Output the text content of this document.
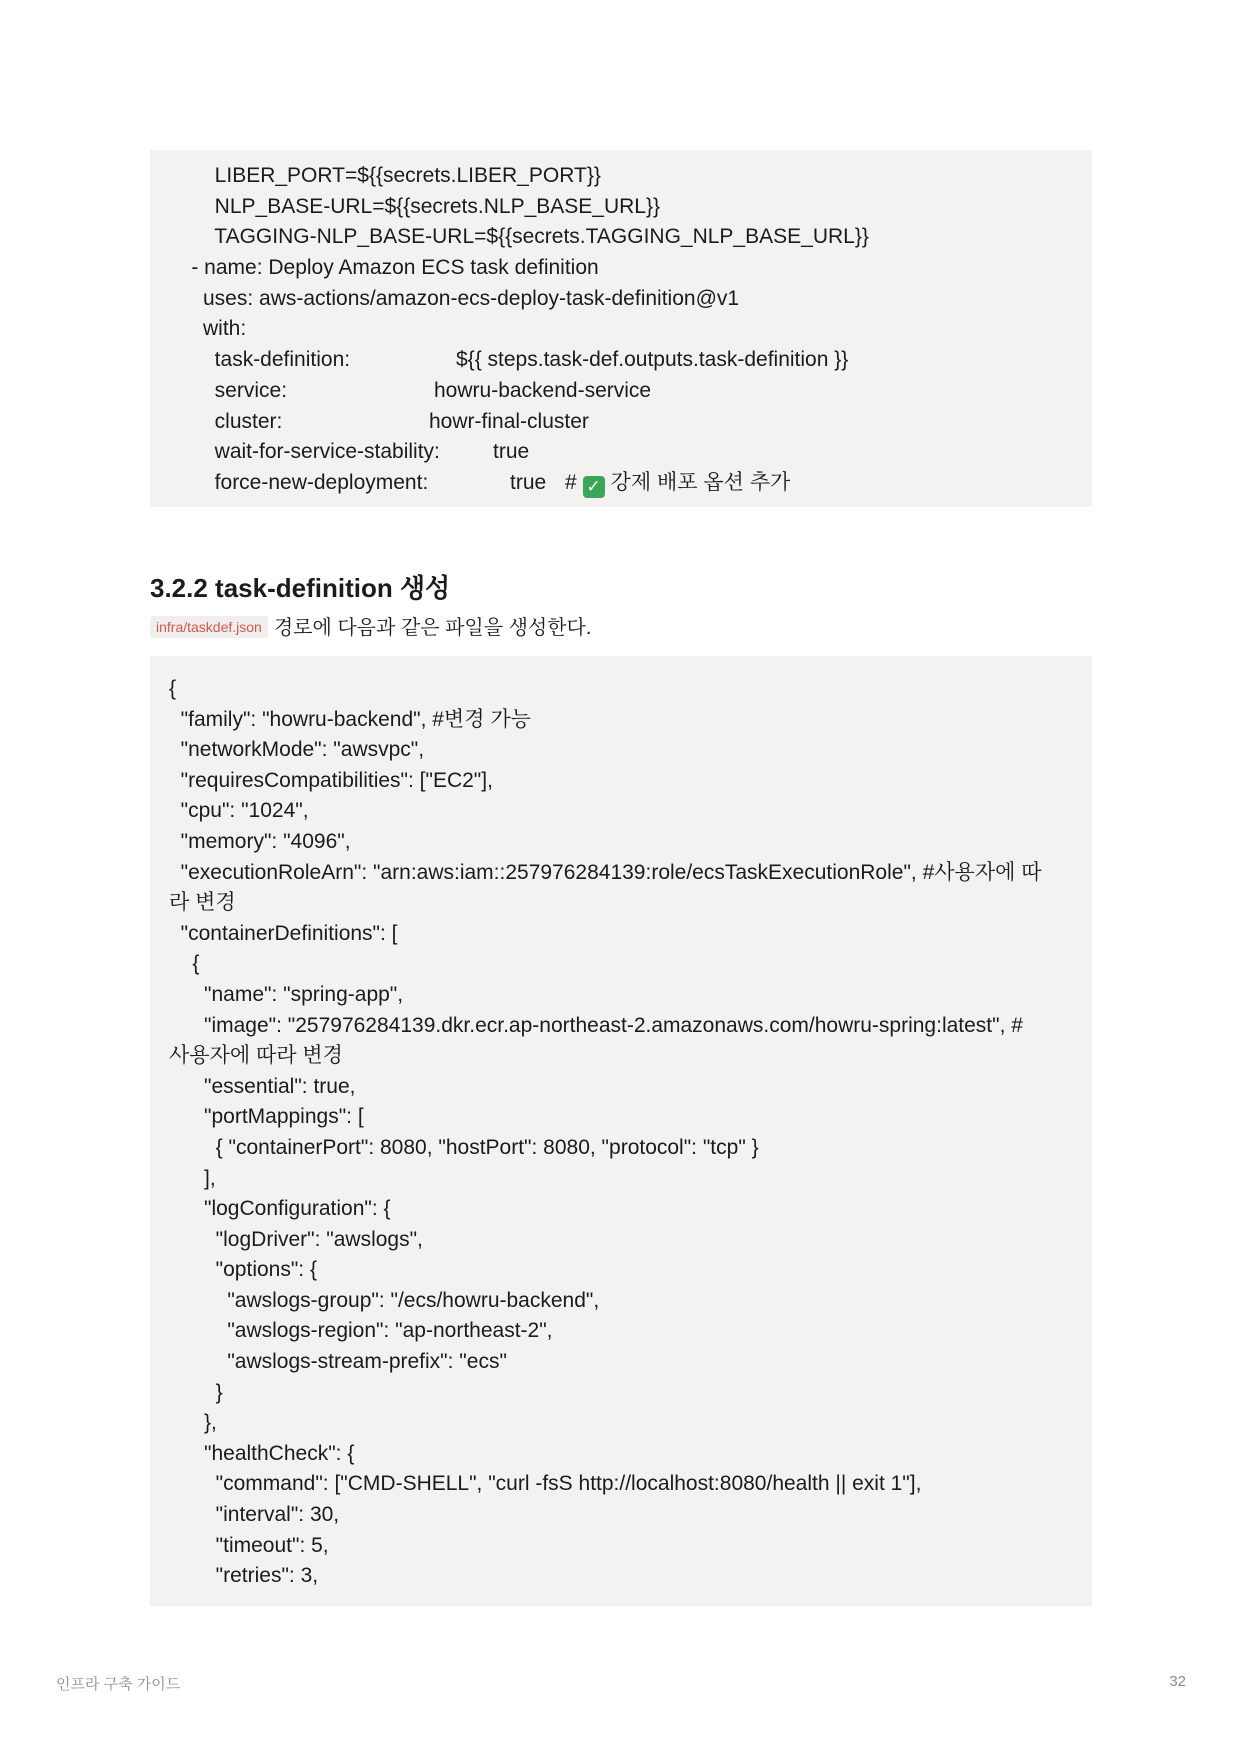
LIBER_PORT=${{secrets.LIBER_PORT}}
NLP_BASE-URL=${{secrets.NLP_BASE_URL}}
TAGGING-NLP_BASE-URL=${{secrets.TAGGING_NLP_BASE_URL}}
- name: Deploy Amazon ECS task definition
uses: aws-actions/amazon-ecs-deploy-task-definition@v1
with:

task-definition:

	${{ steps.task-def.outputs.task-definition }}

service:

	howru-backend-service

cluster:

	howr-final-cluster

wait-for-service-stability:

	true

force-new-deployment:

	true

# ✓ 강제 배포 옵션 추가

3.2.2 task-definition 생성
infra/taskdef.json 경로에 다음과 같은 파일을 생성한다.
{
"family": "howru-backend", #변경 가능
"networkMode": "awsvpc",
"requiresCompatibilities": ["EC2"],
"cpu": "1024",
"memory": "4096",
"executionRoleArn": "arn:aws:iam::257976284139:role/ecsTaskExecutionRole", #사용자에 따
라 변경
"containerDefinitions": [
{
"name": "spring-app",
"image": "257976284139.dkr.ecr.ap-northeast-2.amazonaws.com/howru-spring:latest", #
사용자에 따라 변경
"essential": true,
"portMappings": [
{ "containerPort": 8080, "hostPort": 8080, "protocol": "tcp" }
],
"logConfiguration": {
"logDriver": "awslogs",
"options": {
"awslogs-group": "/ecs/howru-backend",
"awslogs-region": "ap-northeast-2",
"awslogs-stream-prefix": "ecs"
}
},
"healthCheck": {
"command": ["CMD-SHELL", "curl -fsS http://localhost:8080/health || exit 1"],
"interval": 30,
"timeout": 5,
"retries": 3,
인프라 구축 가이드	32
